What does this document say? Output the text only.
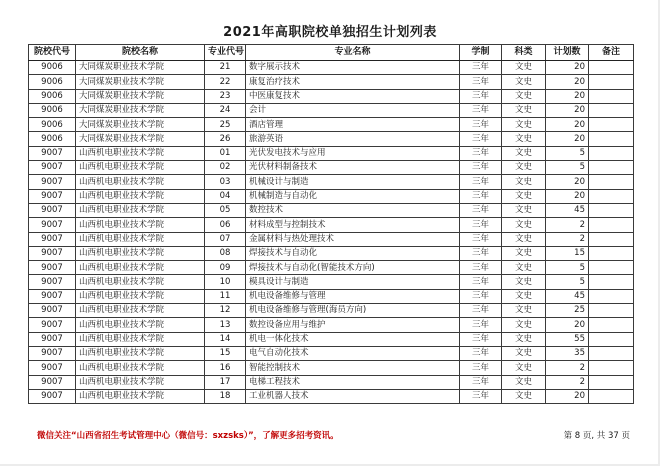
2021年高职院校单独招生计划列表
院校代号	院校名称	专业代号	专业名称	学制	科类	计划数	备注
9006	大同煤炭职业技术学院	21	数字展示技术	三年	文史	20	
9006	大同煤炭职业技术学院	22	康复治疗技术	三年	文史	20	
9006	大同煤炭职业技术学院	23	中医康复技术	三年	文史	20	
9006	大同煤炭职业技术学院	24	会计	三年	文史	20	
9006	大同煤炭职业技术学院	25	酒店管理	三年	文史	20	
9006	大同煤炭职业技术学院	26	旅游英语	三年	文史	20	
9007	山西机电职业技术学院	01	光伏发电技术与应用	三年	文史	5	
9007	山西机电职业技术学院	02	光伏材料制备技术	三年	文史	5	
9007	山西机电职业技术学院	03	机械设计与制造	三年	文史	20	
9007	山西机电职业技术学院	04	机械制造与自动化	三年	文史	20	
9007	山西机电职业技术学院	05	数控技术	三年	文史	45	
9007	山西机电职业技术学院	06	材料成型与控制技术	三年	文史	2	
9007	山西机电职业技术学院	07	金属材料与热处理技术	三年	文史	2	
9007	山西机电职业技术学院	08	焊接技术与自动化	三年	文史	15	
9007	山西机电职业技术学院	09	焊接技术与自动化(智能技术方向)	三年	文史	5	
9007	山西机电职业技术学院	10	模具设计与制造	三年	文史	5	
9007	山西机电职业技术学院	11	机电设备维修与管理	三年	文史	45	
9007	山西机电职业技术学院	12	机电设备维修与管理(海员方向)	三年	文史	25	
9007	山西机电职业技术学院	13	数控设备应用与维护	三年	文史	20	
9007	山西机电职业技术学院	14	机电一体化技术	三年	文史	55	
9007	山西机电职业技术学院	15	电气自动化技术	三年	文史	35	
9007	山西机电职业技术学院	16	智能控制技术	三年	文史	2	
9007	山西机电职业技术学院	17	电梯工程技术	三年	文史	2	
9007	山西机电职业技术学院	18	工业机器人技术	三年	文史	20	
微信关注“山西省招生考试管理中心（微信号：sxzsks）”，了解更多招考资讯。	第 8 页, 共 37 页
